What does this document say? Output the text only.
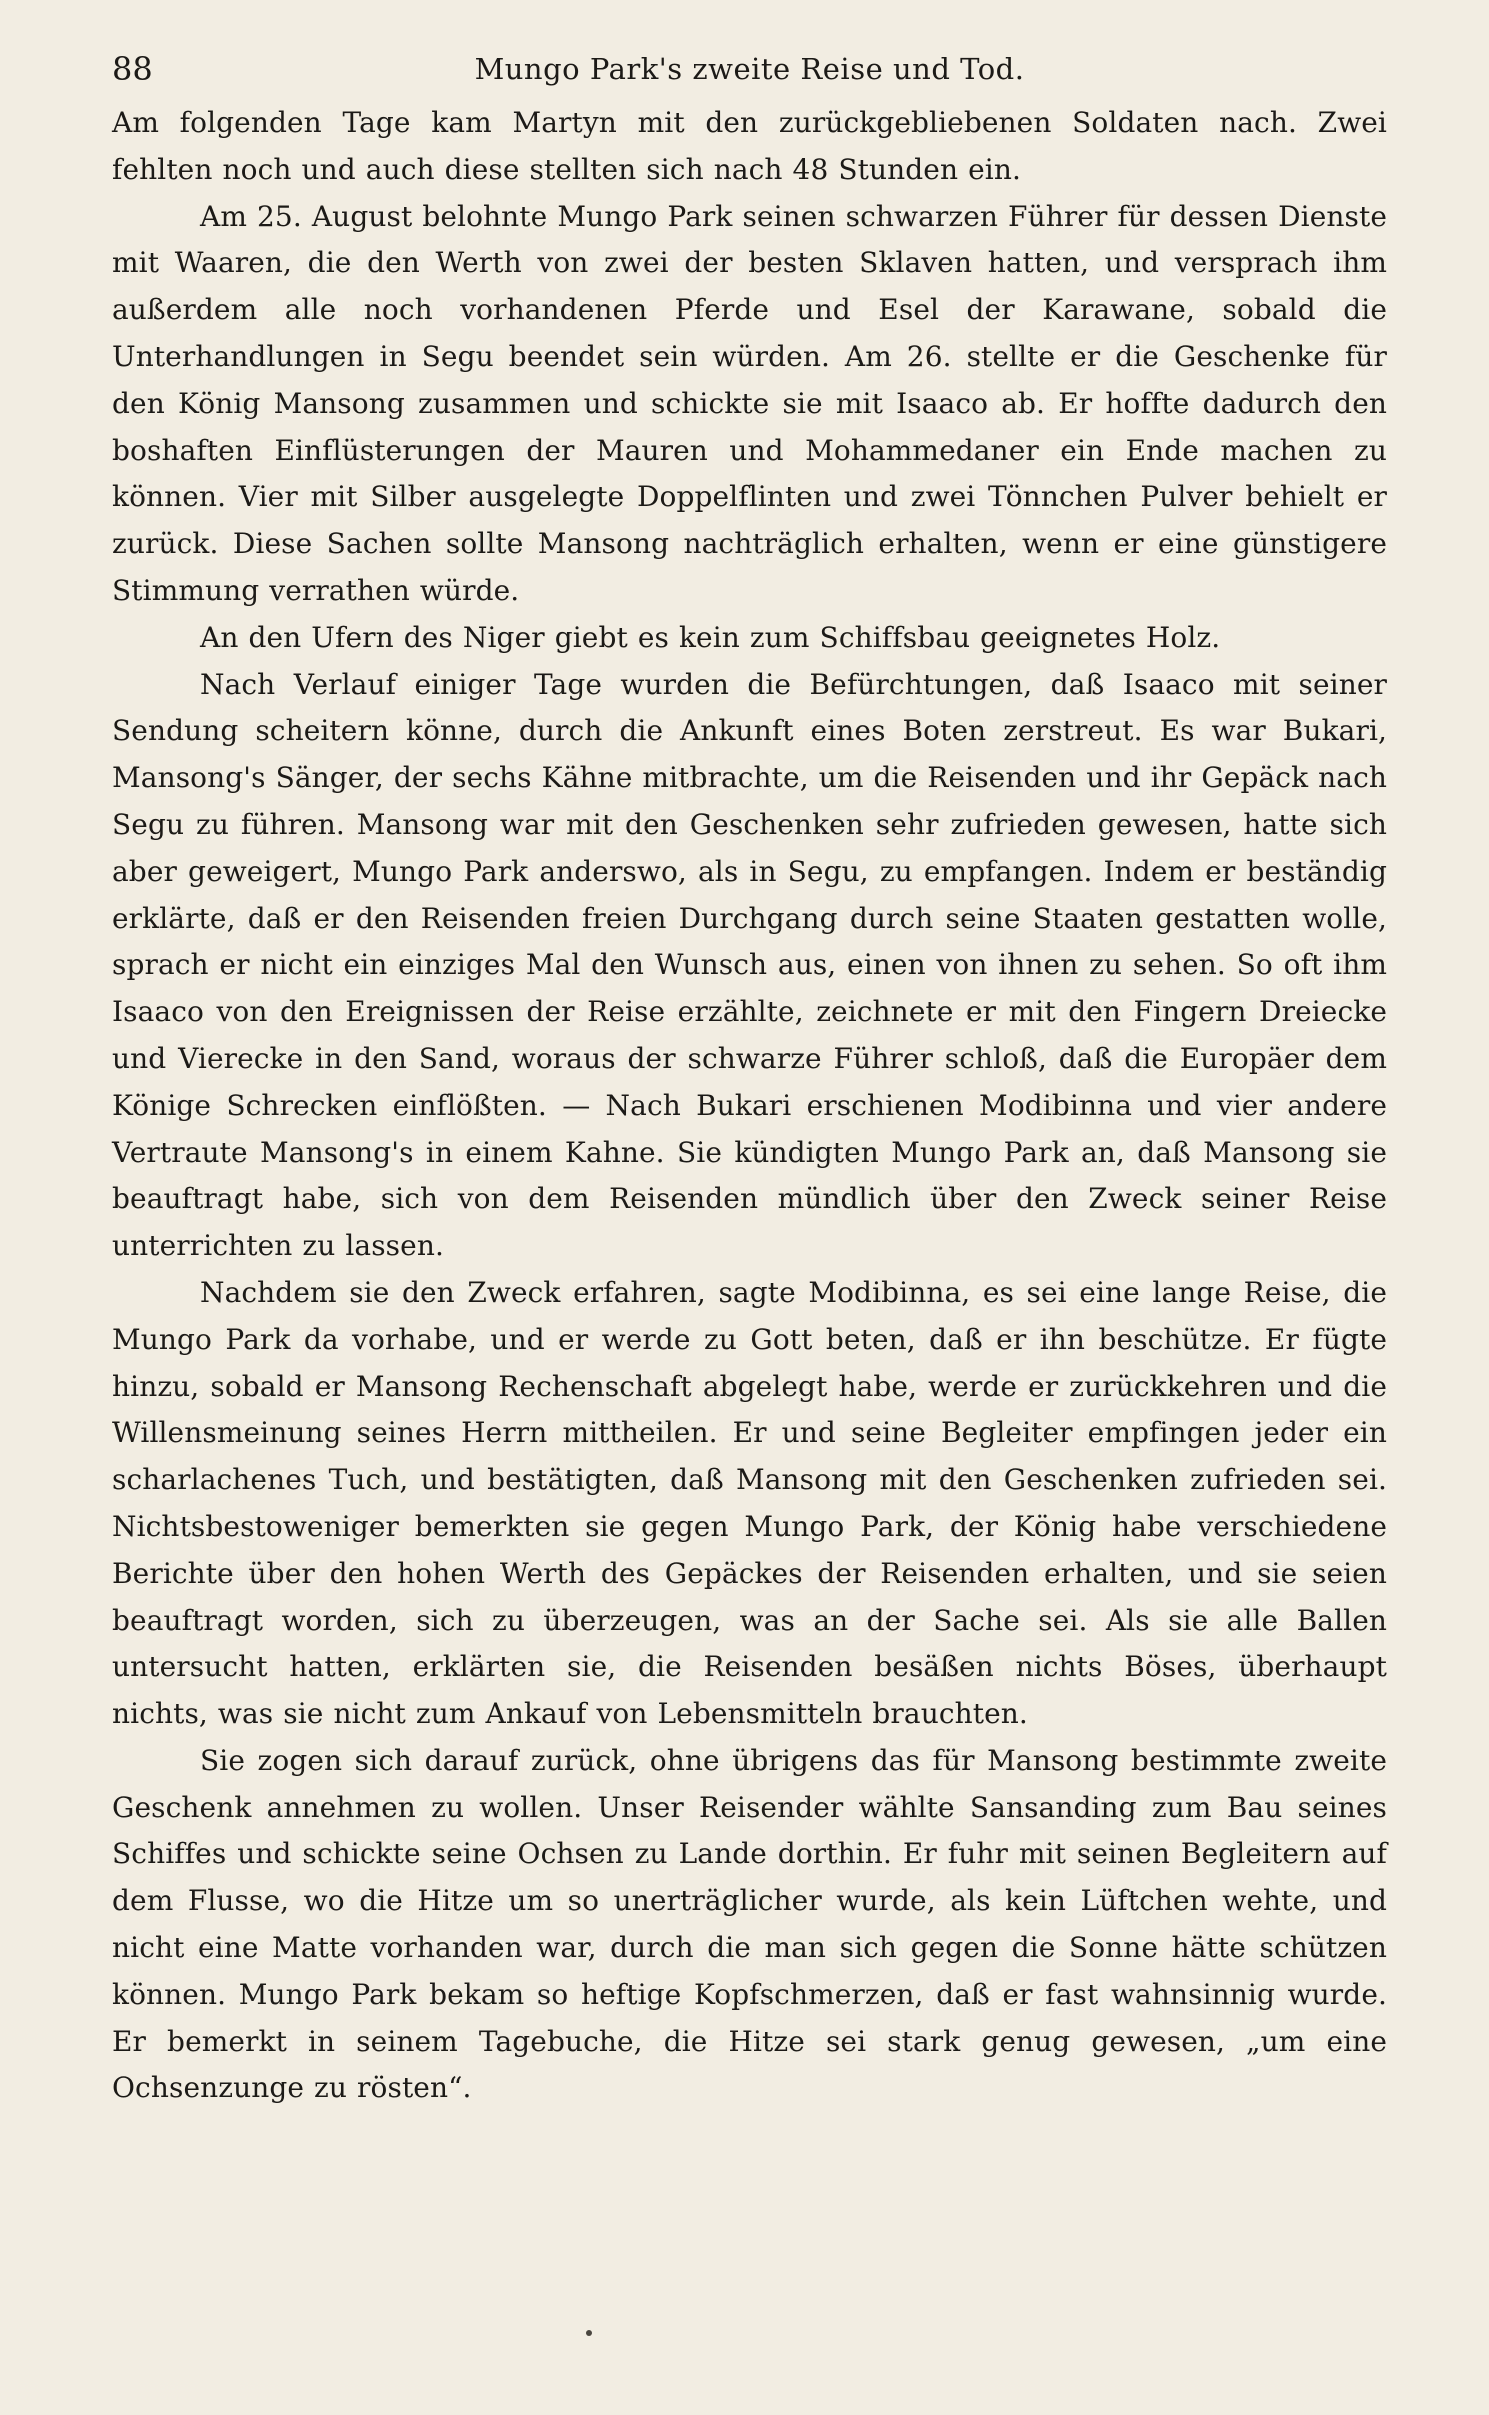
88	Mungo Park's zweite Reise und Tod.

Am folgenden Tage kam Martyn mit den zurückgebliebenen Soldaten nach. Zwei fehlten noch und auch diese stellten sich nach 48 Stunden ein.

Am 25. August belohnte Mungo Park seinen schwarzen Führer für dessen Dienste mit Waaren, die den Werth von zwei der besten Sklaven hatten, und versprach ihm außerdem alle noch vorhandenen Pferde und Esel der Karawane, sobald die Unterhandlungen in Segu beendet sein würden. Am 26. stellte er die Geschenke für den König Mansong zusammen und schickte sie mit Isaaco ab. Er hoffte dadurch den boshaften Einflüsterungen der Mauren und Mohammedaner ein Ende machen zu können. Vier mit Silber ausgelegte Doppelflinten und zwei Tönnchen Pulver behielt er zurück. Diese Sachen sollte Mansong nachträglich erhalten, wenn er eine günstigere Stimmung verrathen würde.

An den Ufern des Niger giebt es kein zum Schiffsbau geeignetes Holz.

Nach Verlauf einiger Tage wurden die Befürchtungen, daß Isaaco mit seiner Sendung scheitern könne, durch die Ankunft eines Boten zerstreut. Es war Bukari, Mansong's Sänger, der sechs Kähne mitbrachte, um die Reisenden und ihr Gepäck nach Segu zu führen. Mansong war mit den Geschenken sehr zufrieden gewesen, hatte sich aber geweigert, Mungo Park anderswo, als in Segu, zu empfangen. Indem er beständig erklärte, daß er den Reisenden freien Durchgang durch seine Staaten gestatten wolle, sprach er nicht ein einziges Mal den Wunsch aus, einen von ihnen zu sehen. So oft ihm Isaaco von den Ereignissen der Reise erzählte, zeichnete er mit den Fingern Dreiecke und Vierecke in den Sand, woraus der schwarze Führer schloß, daß die Europäer dem Könige Schrecken einflößten. — Nach Bukari erschienen Modibinna und vier andere Vertraute Mansong's in einem Kahne. Sie kündigten Mungo Park an, daß Mansong sie beauftragt habe, sich von dem Reisenden mündlich über den Zweck seiner Reise unterrichten zu lassen.

Nachdem sie den Zweck erfahren, sagte Modibinna, es sei eine lange Reise, die Mungo Park da vorhabe, und er werde zu Gott beten, daß er ihn beschütze. Er fügte hinzu, sobald er Mansong Rechenschaft abgelegt habe, werde er zurückkehren und die Willensmeinung seines Herrn mittheilen. Er und seine Begleiter empfingen jeder ein scharlachenes Tuch, und bestätigten, daß Mansong mit den Geschenken zufrieden sei. Nichtsbestoweniger bemerkten sie gegen Mungo Park, der König habe verschiedene Berichte über den hohen Werth des Gepäckes der Reisenden erhalten, und sie seien beauftragt worden, sich zu überzeugen, was an der Sache sei. Als sie alle Ballen untersucht hatten, erklärten sie, die Reisenden besäßen nichts Böses, überhaupt nichts, was sie nicht zum Ankauf von Lebensmitteln brauchten.

Sie zogen sich darauf zurück, ohne übrigens das für Mansong bestimmte zweite Geschenk annehmen zu wollen. Unser Reisender wählte Sansanding zum Bau seines Schiffes und schickte seine Ochsen zu Lande dorthin. Er fuhr mit seinen Begleitern auf dem Flusse, wo die Hitze um so unerträglicher wurde, als kein Lüftchen wehte, und nicht eine Matte vorhanden war, durch die man sich gegen die Sonne hätte schützen können. Mungo Park bekam so heftige Kopfschmerzen, daß er fast wahnsinnig wurde. Er bemerkt in seinem Tagebuche, die Hitze sei stark genug gewesen, „um eine Ochsenzunge zu rösten“.
